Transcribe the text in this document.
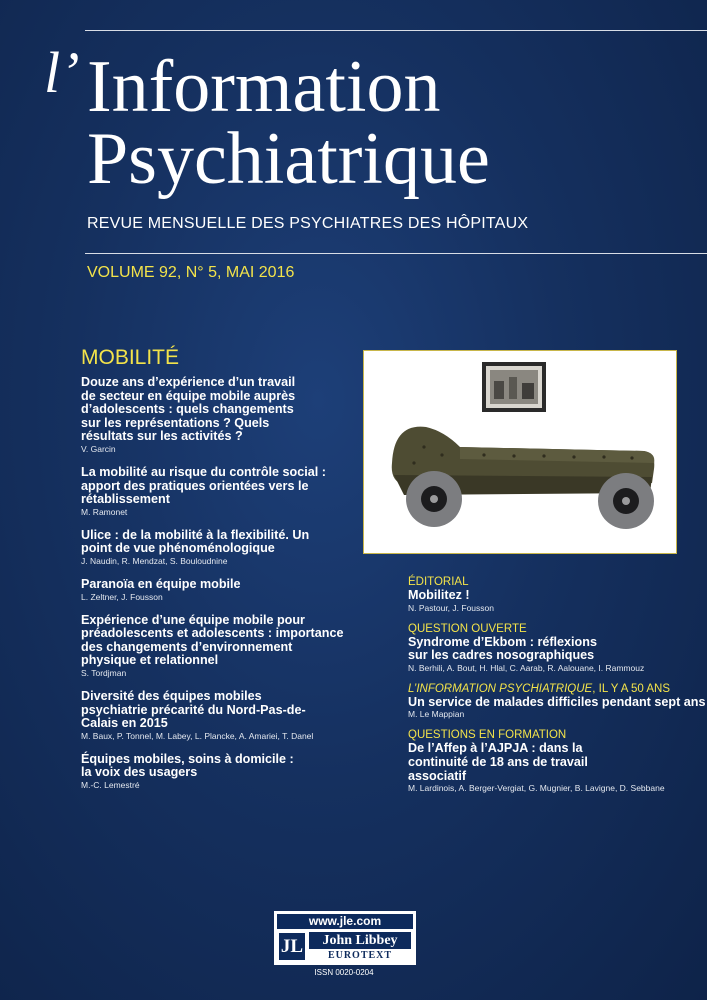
l’ Information
Psychiatrique
REVUE MENSUELLE DES PSYCHIATRES DES HÔPITAUX
VOLUME 92, N° 5, MAI 2016
MOBILITÉ
Douze ans d’expérience d’un travail de secteur en équipe mobile auprès d’adolescents : quels changements sur les représentations ? Quels résultats sur les activités ?
V. Garcin
La mobilité au risque du contrôle social : apport des pratiques orientées vers le rétablissement
M. Ramonet
Ulice : de la mobilité à la flexibilité. Un point de vue phénoménologique
J. Naudin, R. Mendzat, S. Bouloudnine
Paranoïa en équipe mobile
L. Zeltner, J. Fousson
Expérience d’une équipe mobile pour préadolescents et adolescents : importance des changements d’environnement physique et relationnel
S. Tordjman
Diversité des équipes mobiles psychiatrie précarité du Nord-Pas-de-Calais en 2015
M. Baux, P. Tonnel, M. Labey, L. Plancke, A. Amariei, T. Danel
Équipes mobiles, soins à domicile : la voix des usagers
M.-C. Lemestré
ÉDITORIAL
Mobilitez !
N. Pastour, J. Fousson
QUESTION OUVERTE
Syndrome d’Ekbom : réflexions sur les cadres nosographiques
N. Berhili, A. Bout, H. Hlal, C. Aarab, R. Aalouane, I. Rammouz
L’INFORMATION PSYCHIATRIQUE, IL Y A 50 ANS
Un service de malades difficiles pendant sept ans
M. Le Mappian
QUESTIONS EN FORMATION
De l’Affep à l’AJPJA : dans la continuité de 18 ans de travail associatif
M. Lardinois, A. Berger-Vergiat, G. Mugnier, B. Lavigne, D. Sebbane
www.jle.com
JL	John Libbey
EUROTEXT
ISSN 0020-0204
